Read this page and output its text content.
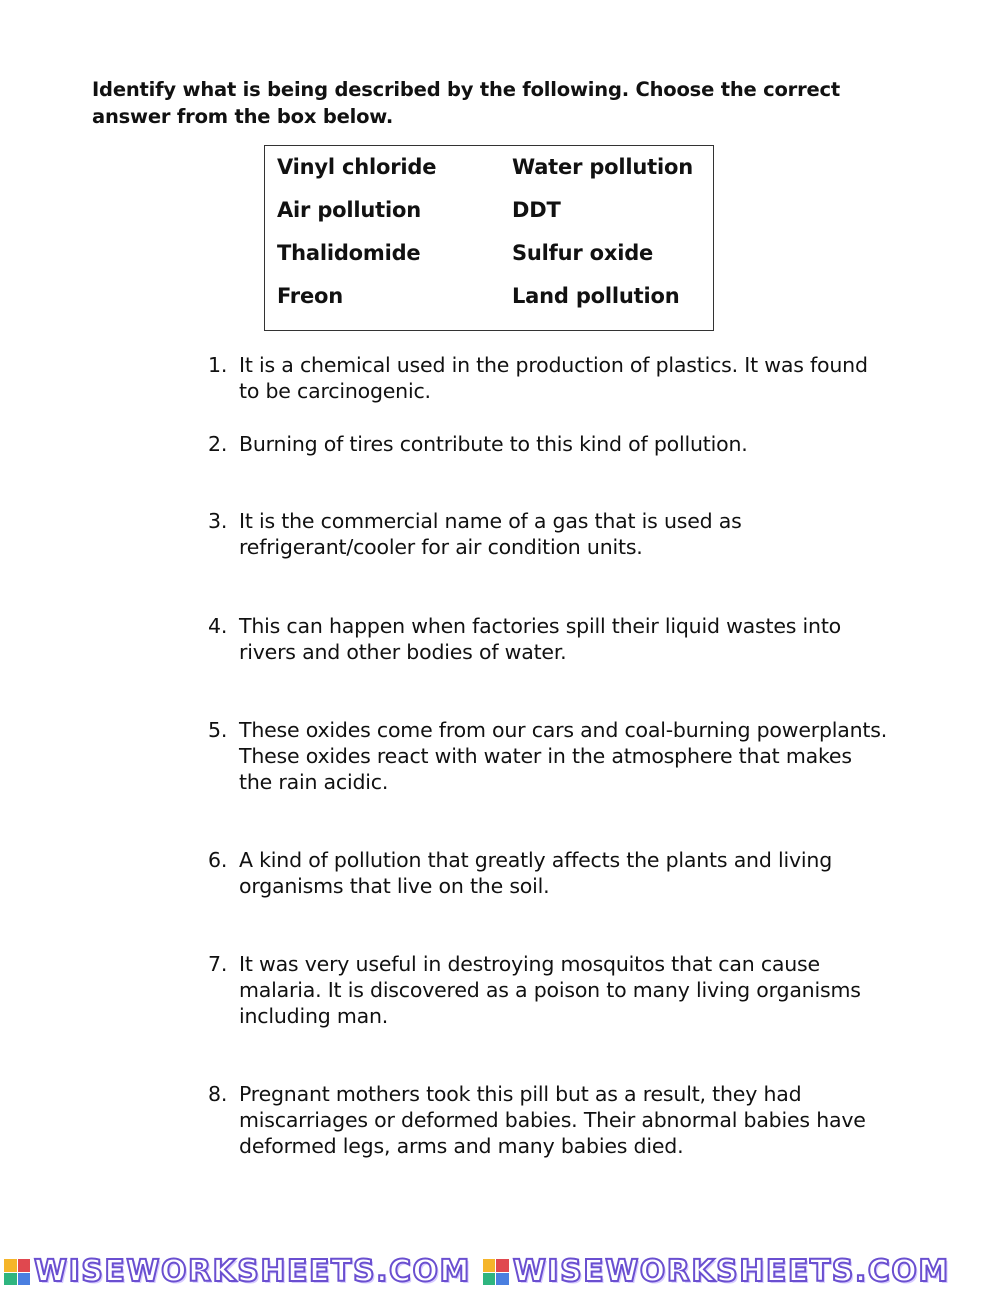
Identify what is being described by the following. Choose the correct answer from the box below.
Vinyl chloride	Water pollution
Air pollution	DDT
Thalidomide	Sulfur oxide
Freon	Land pollution
1. It is a chemical used in the production of plastics. It was found to be carcinogenic.
2. Burning of tires contribute to this kind of pollution.
3. It is the commercial name of a gas that is used as refrigerant/cooler for air condition units.
4. This can happen when factories spill their liquid wastes into rivers and other bodies of water.
5. These oxides come from our cars and coal-burning powerplants. These oxides react with water in the atmosphere that makes the rain acidic.
6. A kind of pollution that greatly affects the plants and living organisms that live on the soil.
7. It was very useful in destroying mosquitos that can cause malaria. It is discovered as a poison to many living organisms including man.
8. Pregnant mothers took this pill but as a result, they had miscarriages or deformed babies. Their abnormal babies have deformed legs, arms and many babies died.
WISEWORKSHEETS.COM WISEWORKSHEETS.COM
